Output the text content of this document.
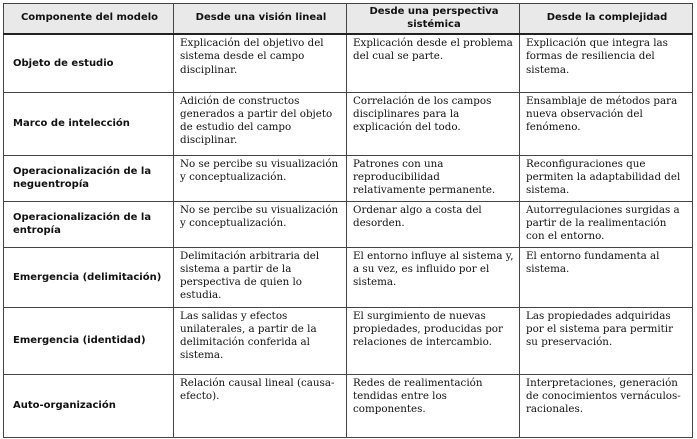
Componente del modelo	Desde una visión lineal	Desde una perspectiva sistémica	Desde la complejidad
Objeto de estudio	Explicación del objetivo del sistema desde el campo disciplinar.	Explicación desde el problema del cual se parte.	Explicación que integra las formas de resiliencia del sistema.
Marco de intelección	Adición de constructos generados a partir del objeto de estudio del campo disciplinar.	Correlación de los campos disciplinares para la explicación del todo.	Ensamblaje de métodos para nueva observación del fenómeno.
Operacionalización de la neguentropía	No se percibe su visualización y conceptualización.	Patrones con una reproducibilidad relativamente permanente.	Reconfiguraciones que permiten la adaptabilidad del sistema.
Operacionalización de la entropía	No se percibe su visualización y conceptualización.	Ordenar algo a costa del desorden.	Autorregulaciones surgidas a partir de la realimentación con el entorno.
Emergencia (delimitación)	Delimitación arbitraria del sistema a partir de la perspectiva de quien lo estudia.	El entorno influye al sistema y, a su vez, es influido por el sistema.	El entorno fundamenta al sistema.
Emergencia (identidad)	Las salidas y efectos unilaterales, a partir de la delimitación conferida al sistema.	El surgimiento de nuevas propiedades, producidas por relaciones de intercambio.	Las propiedades adquiridas por el sistema para permitir su preservación.
Auto-organización	Relación causal lineal (causa-efecto).	Redes de realimentación tendidas entre los componentes.	Interpretaciones, generación de conocimientos vernáculos-racionales.
